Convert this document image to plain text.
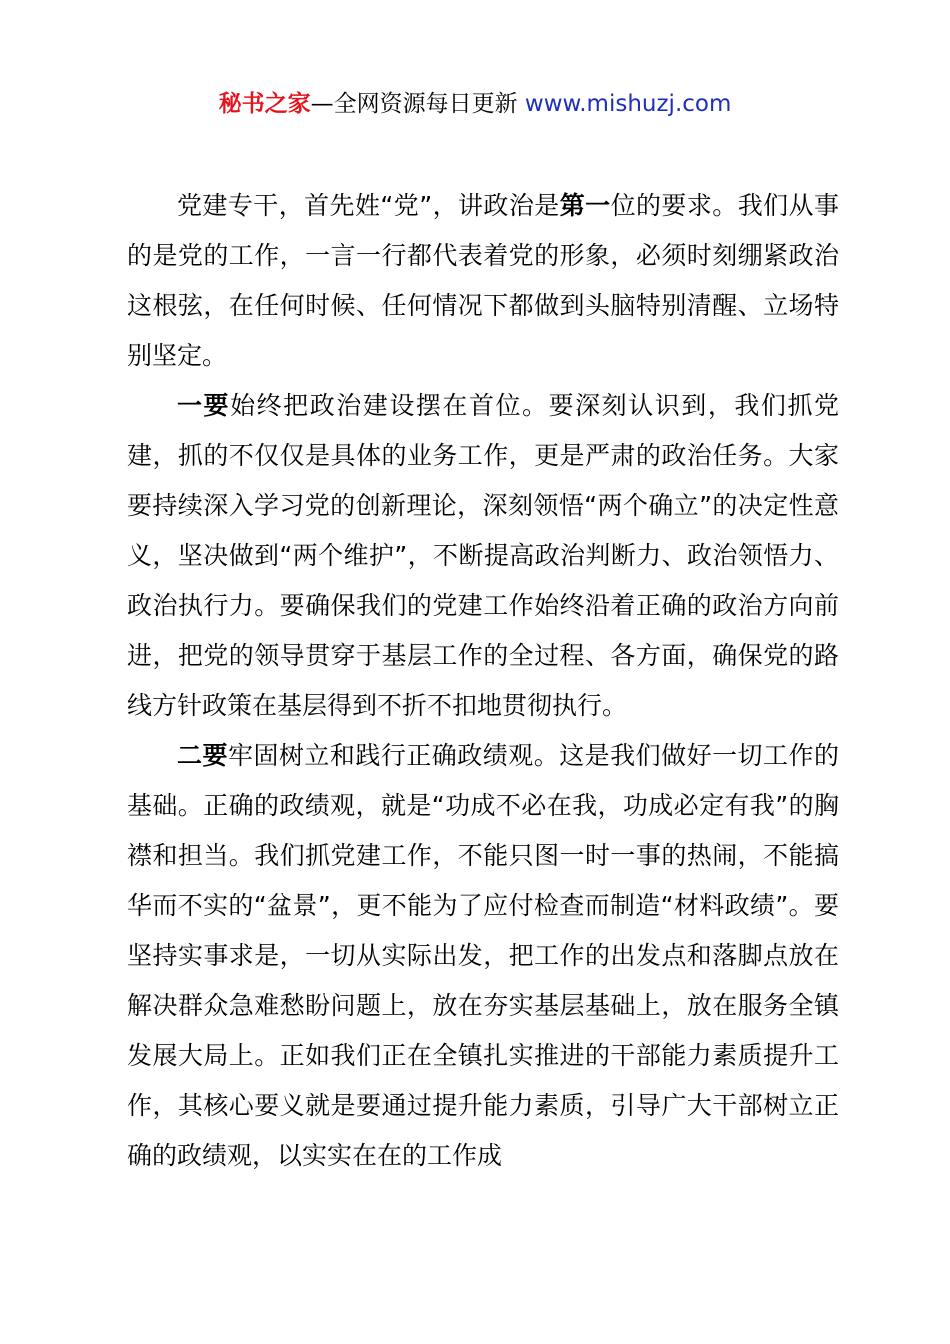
秘书之家—全网资源每日更新 www.mishuzj.com

党建专干，首先姓“党”，讲政治是第一位的要求。我们从事的是党的工作，一言一行都代表着党的形象，必须时刻绷紧政治这根弦，在任何时候、任何情况下都做到头脑特别清醒、立场特别坚定。

一要始终把政治建设摆在首位。要深刻认识到，我们抓党建，抓的不仅仅是具体的业务工作，更是严肃的政治任务。大家要持续深入学习党的创新理论，深刻领悟“两个确立”的决定性意义，坚决做到“两个维护”，不断提高政治判断力、政治领悟力、政治执行力。要确保我们的党建工作始终沿着正确的政治方向前进，把党的领导贯穿于基层工作的全过程、各方面，确保党的路线方针政策在基层得到不折不扣地贯彻执行。

二要牢固树立和践行正确政绩观。这是我们做好一切工作的基础。正确的政绩观，就是“功成不必在我，功成必定有我”的胸襟和担当。我们抓党建工作，不能只图一时一事的热闹，不能搞华而不实的“盆景”，更不能为了应付检查而制造“材料政绩”。要坚持实事求是，一切从实际出发，把工作的出发点和落脚点放在解决群众急难愁盼问题上，放在夯实基层基础上，放在服务全镇发展大局上。正如我们正在全镇扎实推进的干部能力素质提升工作，其核心要义就是要通过提升能力素质，引导广大干部树立正确的政绩观，以实实在在的工作成
